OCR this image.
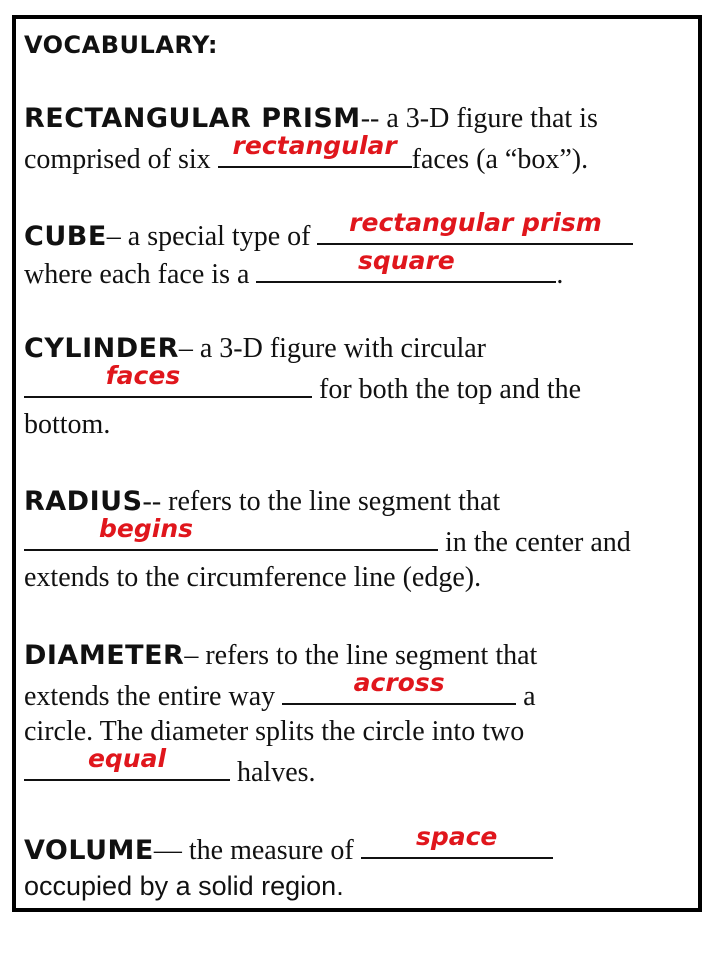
VOCABULARY:
RECTANGULAR PRISM-- a 3-D figure that is
comprised of six rectangular faces (a “box”).
CUBE– a special type of	rectangular prism
where each face is a	square	.
CYLINDER– a 3-D figure with circular
faces	for both the top and the
bottom.
RADIUS-- refers to the line segment that
begins	in the center and
extends to the circumference line (edge).
DIAMETER– refers to the line segment that
extends the entire way	across	a
circle. The diameter splits the circle into two
equal	halves.
VOLUME— the measure of	space
occupied by a solid region.
